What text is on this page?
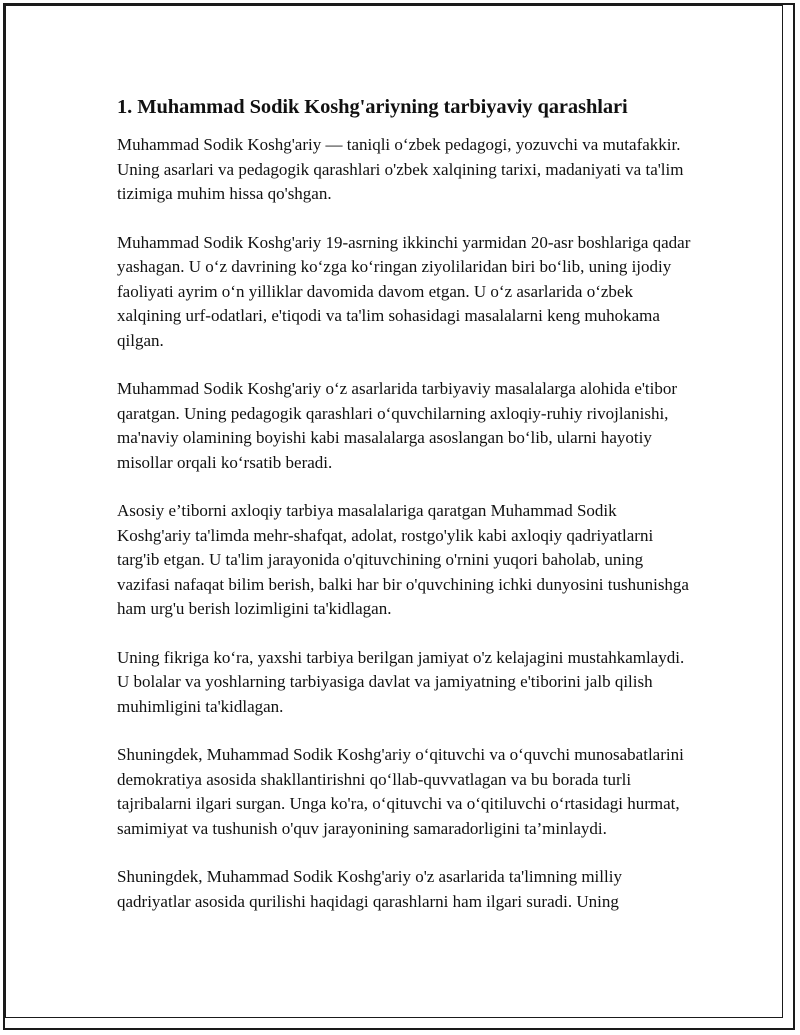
1. Muhammad Sodik Koshg'ariyning tarbiyaviy qarashlari

Muhammad Sodik Koshg'ariy — taniqli o‘zbek pedagogi, yozuvchi va mutafakkir. Uning asarlari va pedagogik qarashlari o'zbek xalqining tarixi, madaniyati va ta'lim tizimiga muhim hissa qo'shgan.

Muhammad Sodik Koshg'ariy 19-asrning ikkinchi yarmidan 20-asr boshlariga qadar yashagan. U o‘z davrining ko‘zga ko‘ringan ziyolilaridan biri bo‘lib, uning ijodiy faoliyati ayrim o‘n yilliklar davomida davom etgan. U o‘z asarlarida o‘zbek xalqining urf-odatlari, e'tiqodi va ta'lim sohasidagi masalalarni keng muhokama qilgan.

Muhammad Sodik Koshg'ariy o‘z asarlarida tarbiyaviy masalalarga alohida e'tibor qaratgan. Uning pedagogik qarashlari o‘quvchilarning axloqiy-ruhiy rivojlanishi, ma'naviy olamining boyishi kabi masalalarga asoslangan bo‘lib, ularni hayotiy misollar orqali ko‘rsatib beradi.

Asosiy e’tiborni axloqiy tarbiya masalalariga qaratgan Muhammad Sodik Koshg'ariy ta'limda mehr-shafqat, adolat, rostgo'ylik kabi axloqiy qadriyatlarni targ'ib etgan. U ta'lim jarayonida o'qituvchining o'rnini yuqori baholab, uning vazifasi nafaqat bilim berish, balki har bir o'quvchining ichki dunyosini tushunishga ham urg'u berish lozimligini ta'kidlagan.

Uning fikriga ko‘ra, yaxshi tarbiya berilgan jamiyat o'z kelajagini mustahkamlaydi. U bolalar va yoshlarning tarbiyasiga davlat va jamiyatning e'tiborini jalb qilish muhimligini ta'kidlagan.

Shuningdek, Muhammad Sodik Koshg'ariy o‘qituvchi va o‘quvchi munosabatlarini demokratiya asosida shakllantirishni qo‘llab-quvvatlagan va bu borada turli tajribalarni ilgari surgan. Unga ko'ra, o‘qituvchi va o‘qitiluvchi o‘rtasidagi hurmat, samimiyat va tushunish o'quv jarayonining samaradorligini ta’minlaydi.

Shuningdek, Muhammad Sodik Koshg'ariy o'z asarlarida ta'limning milliy qadriyatlar asosida qurilishi haqidagi qarashlarni ham ilgari suradi. Uning
